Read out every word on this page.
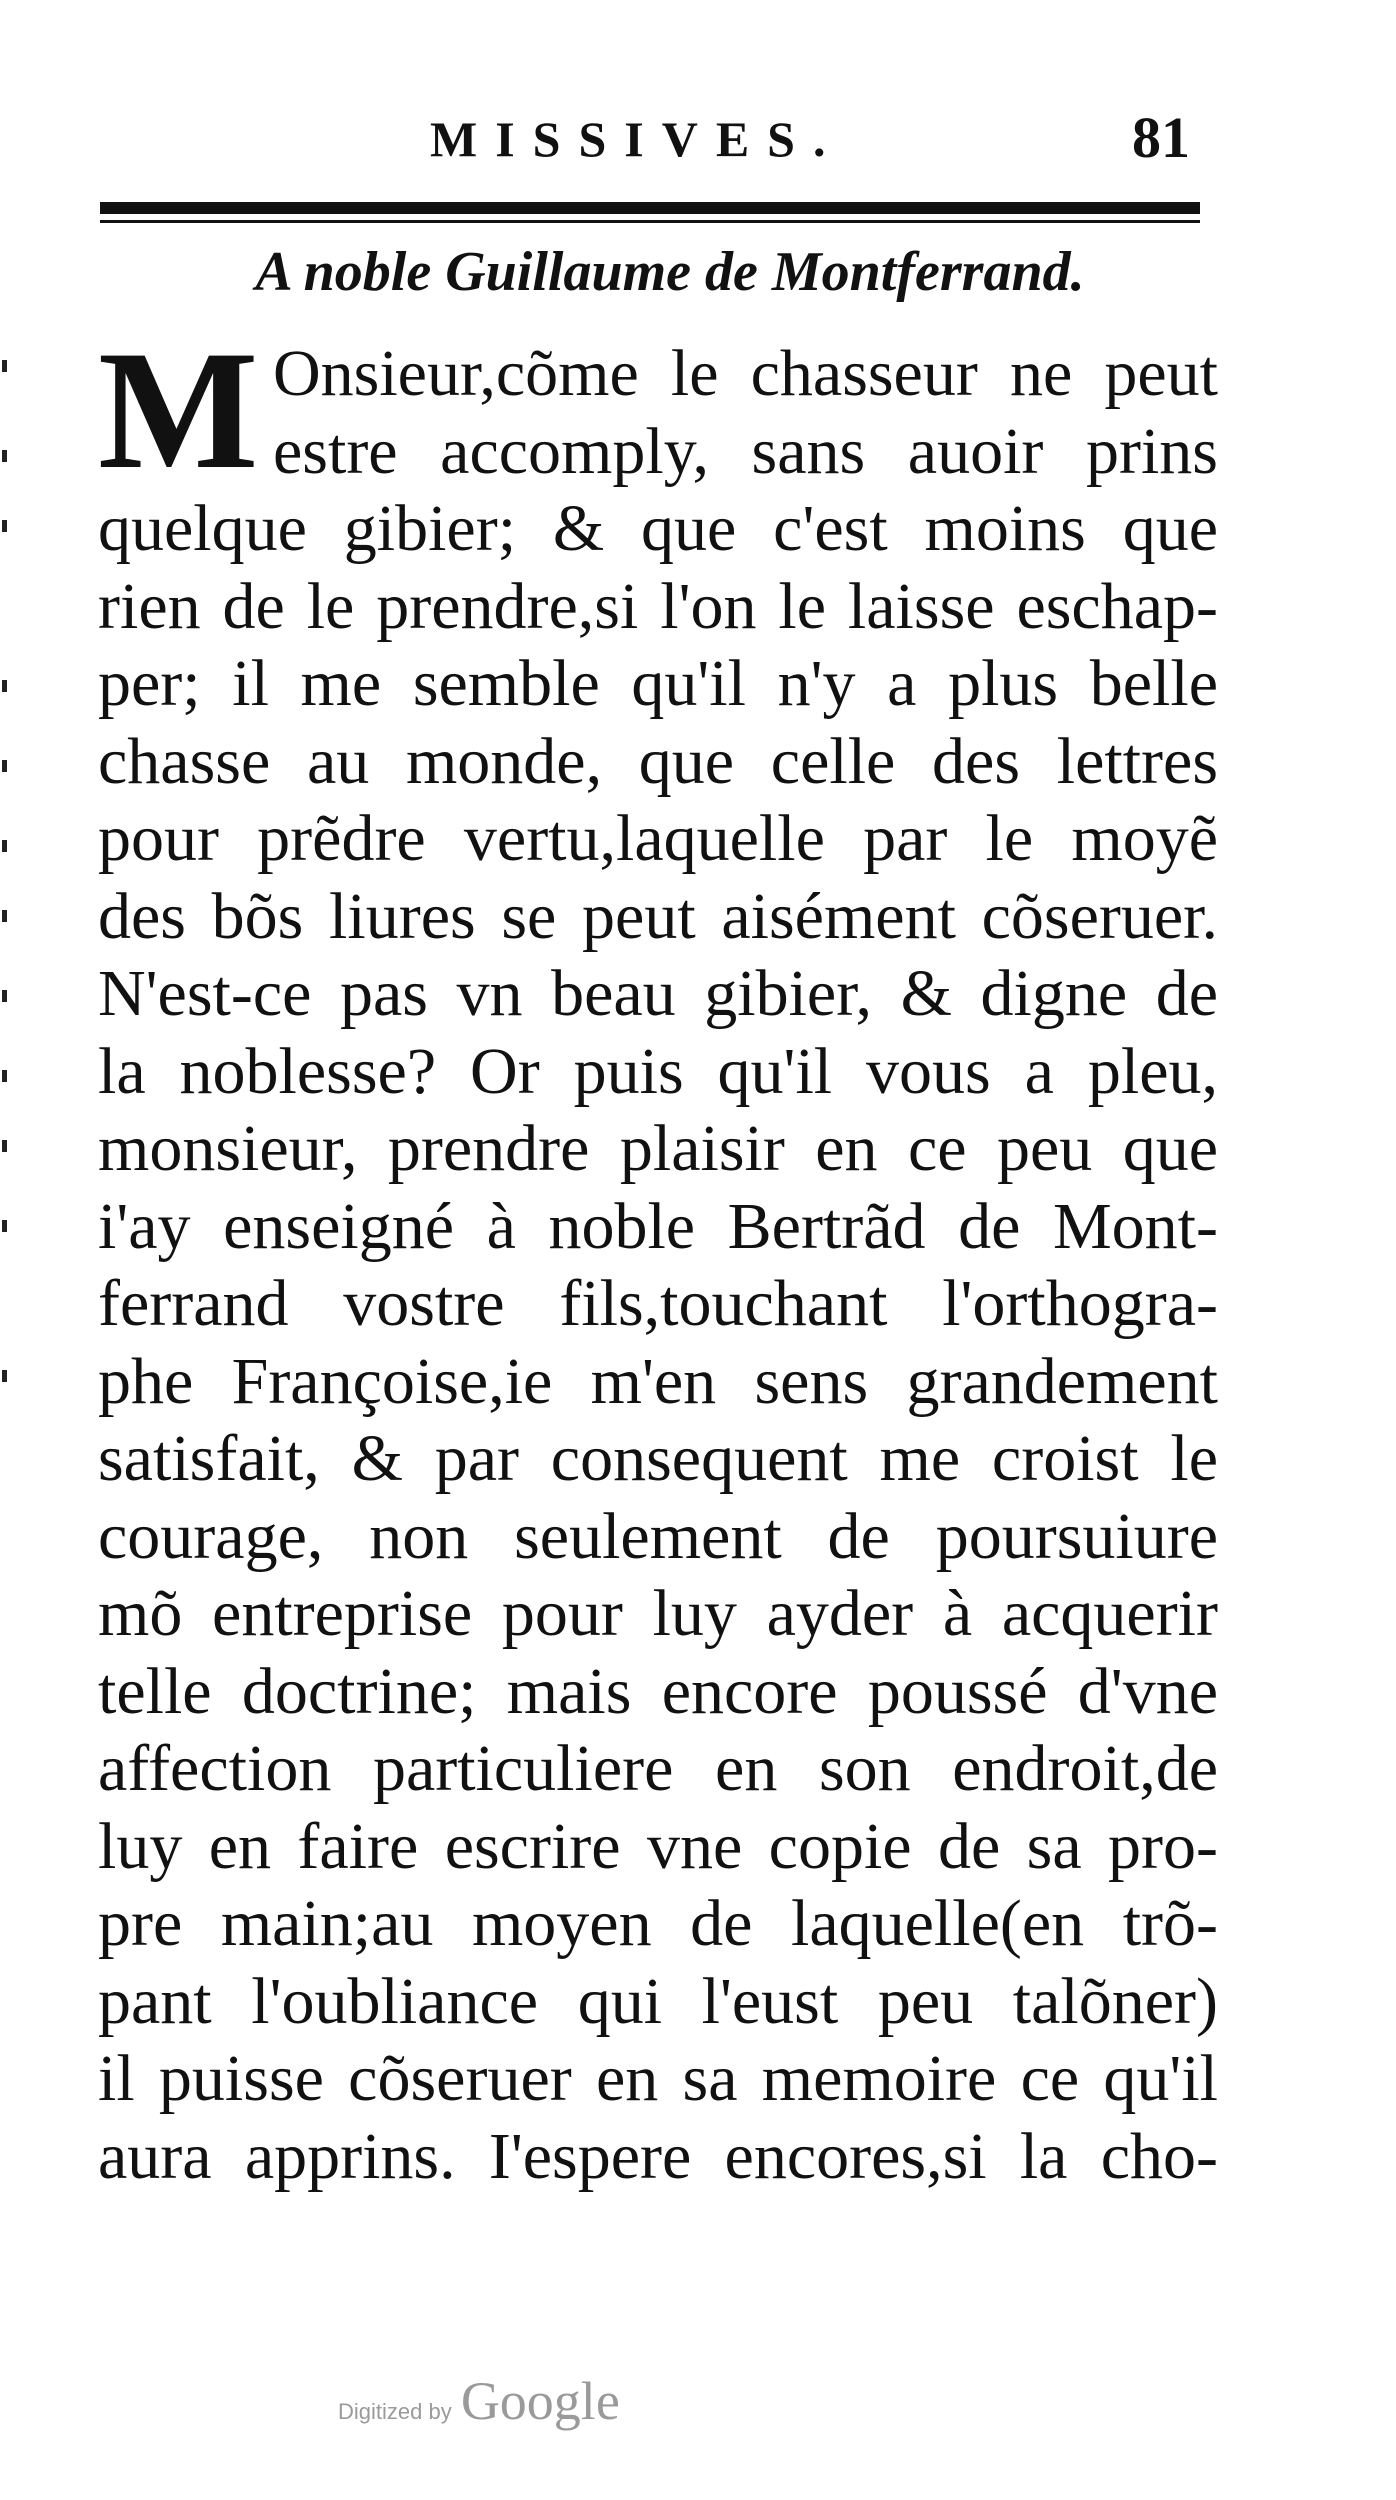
MISSIVES.	81
A noble Guillaume de Montferrand.
M Onsieur,cõme le chasseur ne peut
estre accomply, sans auoir prins
quelque gibier; & que c'est moins que
rien de le prendre,si l'on le laisse eschap-
per; il me semble qu'il n'y a plus belle
chasse au monde, que celle des lettres
pour prẽdre vertu,laquelle par le moyẽ
des bõs liures se peut aisément cõseruer.
N'est-ce pas vn beau gibier, & digne de
la noblesse? Or puis qu'il vous a pleu,
monsieur, prendre plaisir en ce peu que
i'ay enseigné à noble Bertrãd de Mont-
ferrand vostre fils,touchant l'orthogra-
phe Françoise,ie m'en sens grandement
satisfait, & par consequent me croist le
courage, non seulement de poursuiure
mõ entreprise pour luy ayder à acquerir
telle doctrine; mais encore poussé d'vne
affection particuliere en son endroit,de
luy en faire escrire vne copie de sa pro-
pre main;au moyen de laquelle(en trõ-
pant l'oubliance qui l'eust peu talõner)
il puisse cõseruer en sa memoire ce qu'il
aura apprins. I'espere encores,si la cho-
Digitized by Google
